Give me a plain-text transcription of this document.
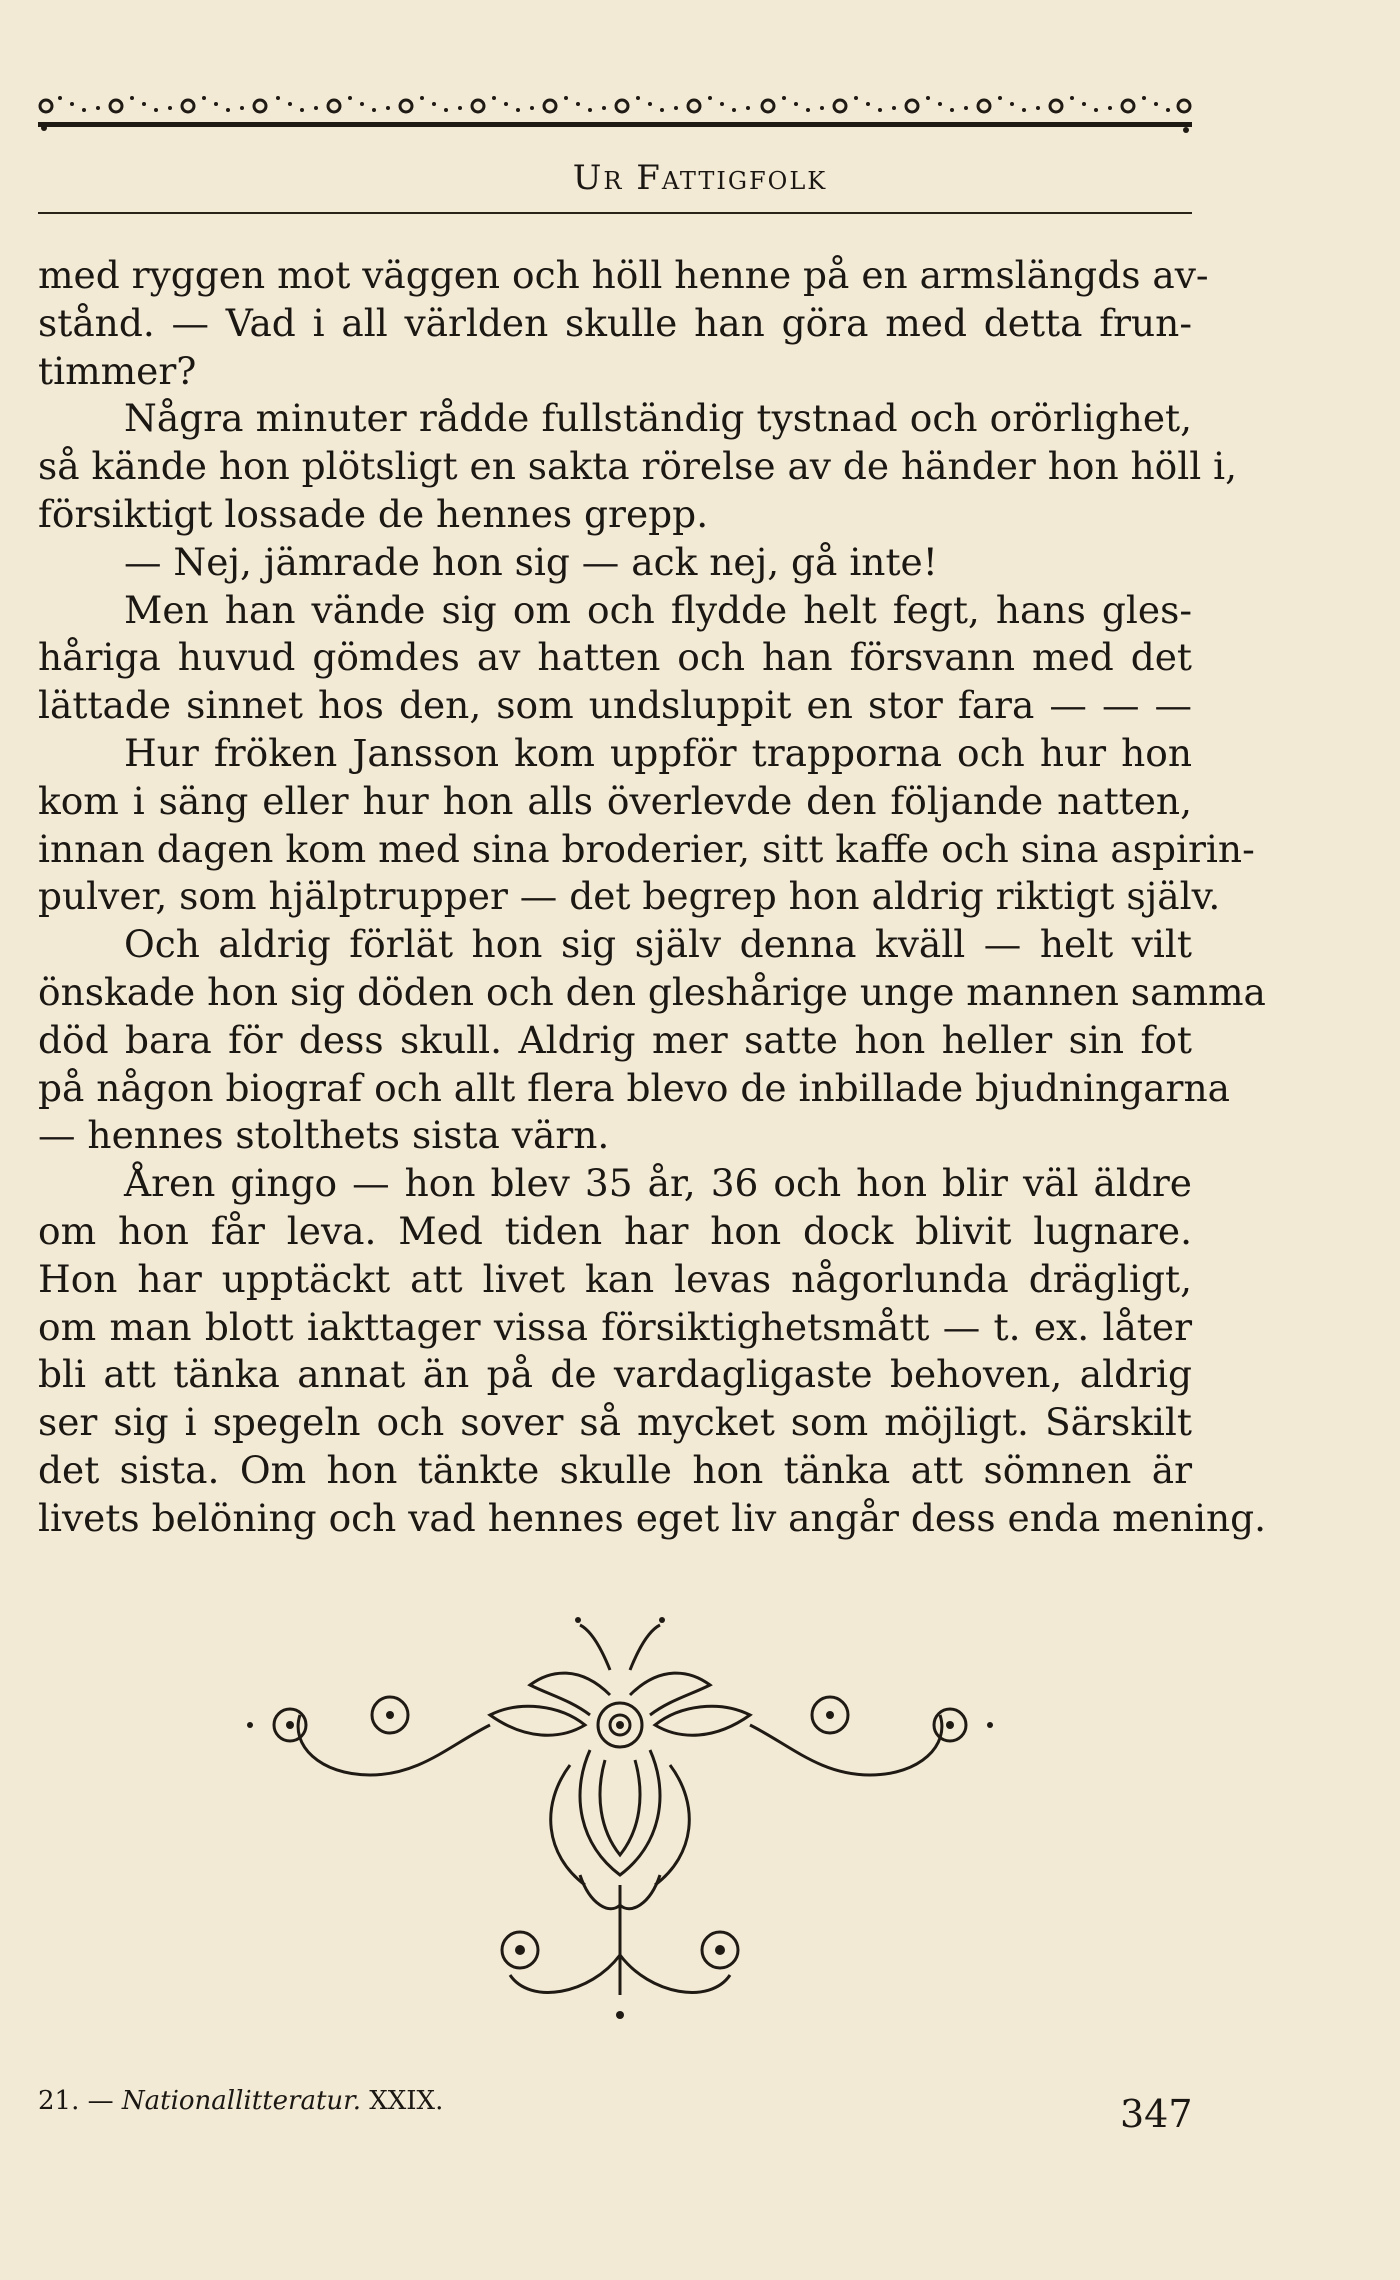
Ur Fattigfolk
med ryggen mot väggen och höll henne på en armslängds av-
stånd. — Vad i all världen skulle han göra med detta frun-
timmer?
Några minuter rådde fullständig tystnad och orörlighet,
så kände hon plötsligt en sakta rörelse av de händer hon höll i,
försiktigt lossade de hennes grepp.
— Nej, jämrade hon sig — ack nej, gå inte!
Men han vände sig om och flydde helt fegt, hans gles-
håriga huvud gömdes av hatten och han försvann med det
lättade sinnet hos den, som undsluppit en stor fara — — —
Hur fröken Jansson kom uppför trapporna och hur hon
kom i säng eller hur hon alls överlevde den följande natten,
innan dagen kom med sina broderier, sitt kaffe och sina aspirin-
pulver, som hjälptrupper — det begrep hon aldrig riktigt själv.
Och aldrig förlät hon sig själv denna kväll — helt vilt
önskade hon sig döden och den gleshårige unge mannen samma
död bara för dess skull. Aldrig mer satte hon heller sin fot
på någon biograf och allt flera blevo de inbillade bjudningarna
— hennes stolthets sista värn.
Åren gingo — hon blev 35 år, 36 och hon blir väl äldre
om hon får leva. Med tiden har hon dock blivit lugnare.
Hon har upptäckt att livet kan levas någorlunda drägligt,
om man blott iakttager vissa försiktighetsmått — t. ex. låter
bli att tänka annat än på de vardagligaste behoven, aldrig
ser sig i spegeln och sover så mycket som möjligt. Särskilt
det sista. Om hon tänkte skulle hon tänka att sömnen är
livets belöning och vad hennes eget liv angår dess enda mening.
21. — Nationallitteratur. XXIX.	347
